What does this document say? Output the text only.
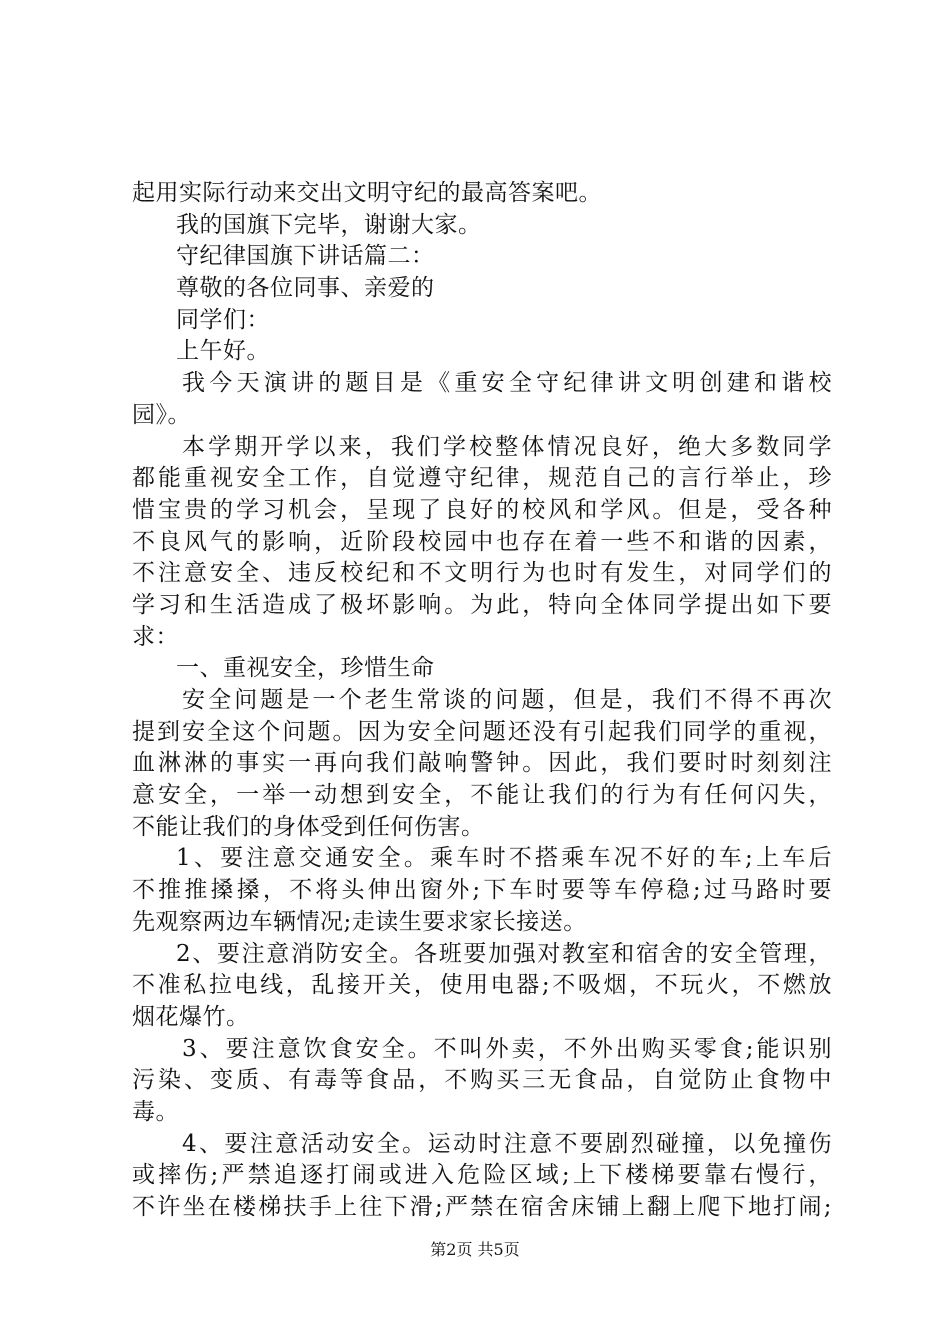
起用实际行动来交出文明守纪的最高答案吧。
我的国旗下完毕，谢谢大家。
守纪律国旗下讲话篇二：
尊敬的各位同事、亲爱的
同学们：
上午好。
我今天演讲的题目是《重安全守纪律讲文明创建和谐校
园》。
本学期开学以来，我们学校整体情况良好，绝大多数同学
都能重视安全工作，自觉遵守纪律，规范自己的言行举止，珍
惜宝贵的学习机会，呈现了良好的校风和学风。但是，受各种
不良风气的影响，近阶段校园中也存在着一些不和谐的因素，
不注意安全、违反校纪和不文明行为也时有发生，对同学们的
学习和生活造成了极坏影响。为此，特向全体同学提出如下要
求：
一、重视安全，珍惜生命
安全问题是一个老生常谈的问题，但是，我们不得不再次
提到安全这个问题。因为安全问题还没有引起我们同学的重视，
血淋淋的事实一再向我们敲响警钟。因此，我们要时时刻刻注
意安全，一举一动想到安全，不能让我们的行为有任何闪失，
不能让我们的身体受到任何伤害。
1、要注意交通安全。乘车时不搭乘车况不好的车;上车后
不推推搡搡，不将头伸出窗外;下车时要等车停稳;过马路时要
先观察两边车辆情况;走读生要求家长接送。
2、要注意消防安全。各班要加强对教室和宿舍的安全管理，
不准私拉电线，乱接开关，使用电器;不吸烟，不玩火，不燃放
烟花爆竹。
3、要注意饮食安全。不叫外卖，不外出购买零食;能识别
污染、变质、有毒等食品，不购买三无食品，自觉防止食物中
毒。
4、要注意活动安全。运动时注意不要剧烈碰撞，以免撞伤
或摔伤;严禁追逐打闹或进入危险区域;上下楼梯要靠右慢行，
不许坐在楼梯扶手上往下滑;严禁在宿舍床铺上翻上爬下地打闹;
第2页 共5页
